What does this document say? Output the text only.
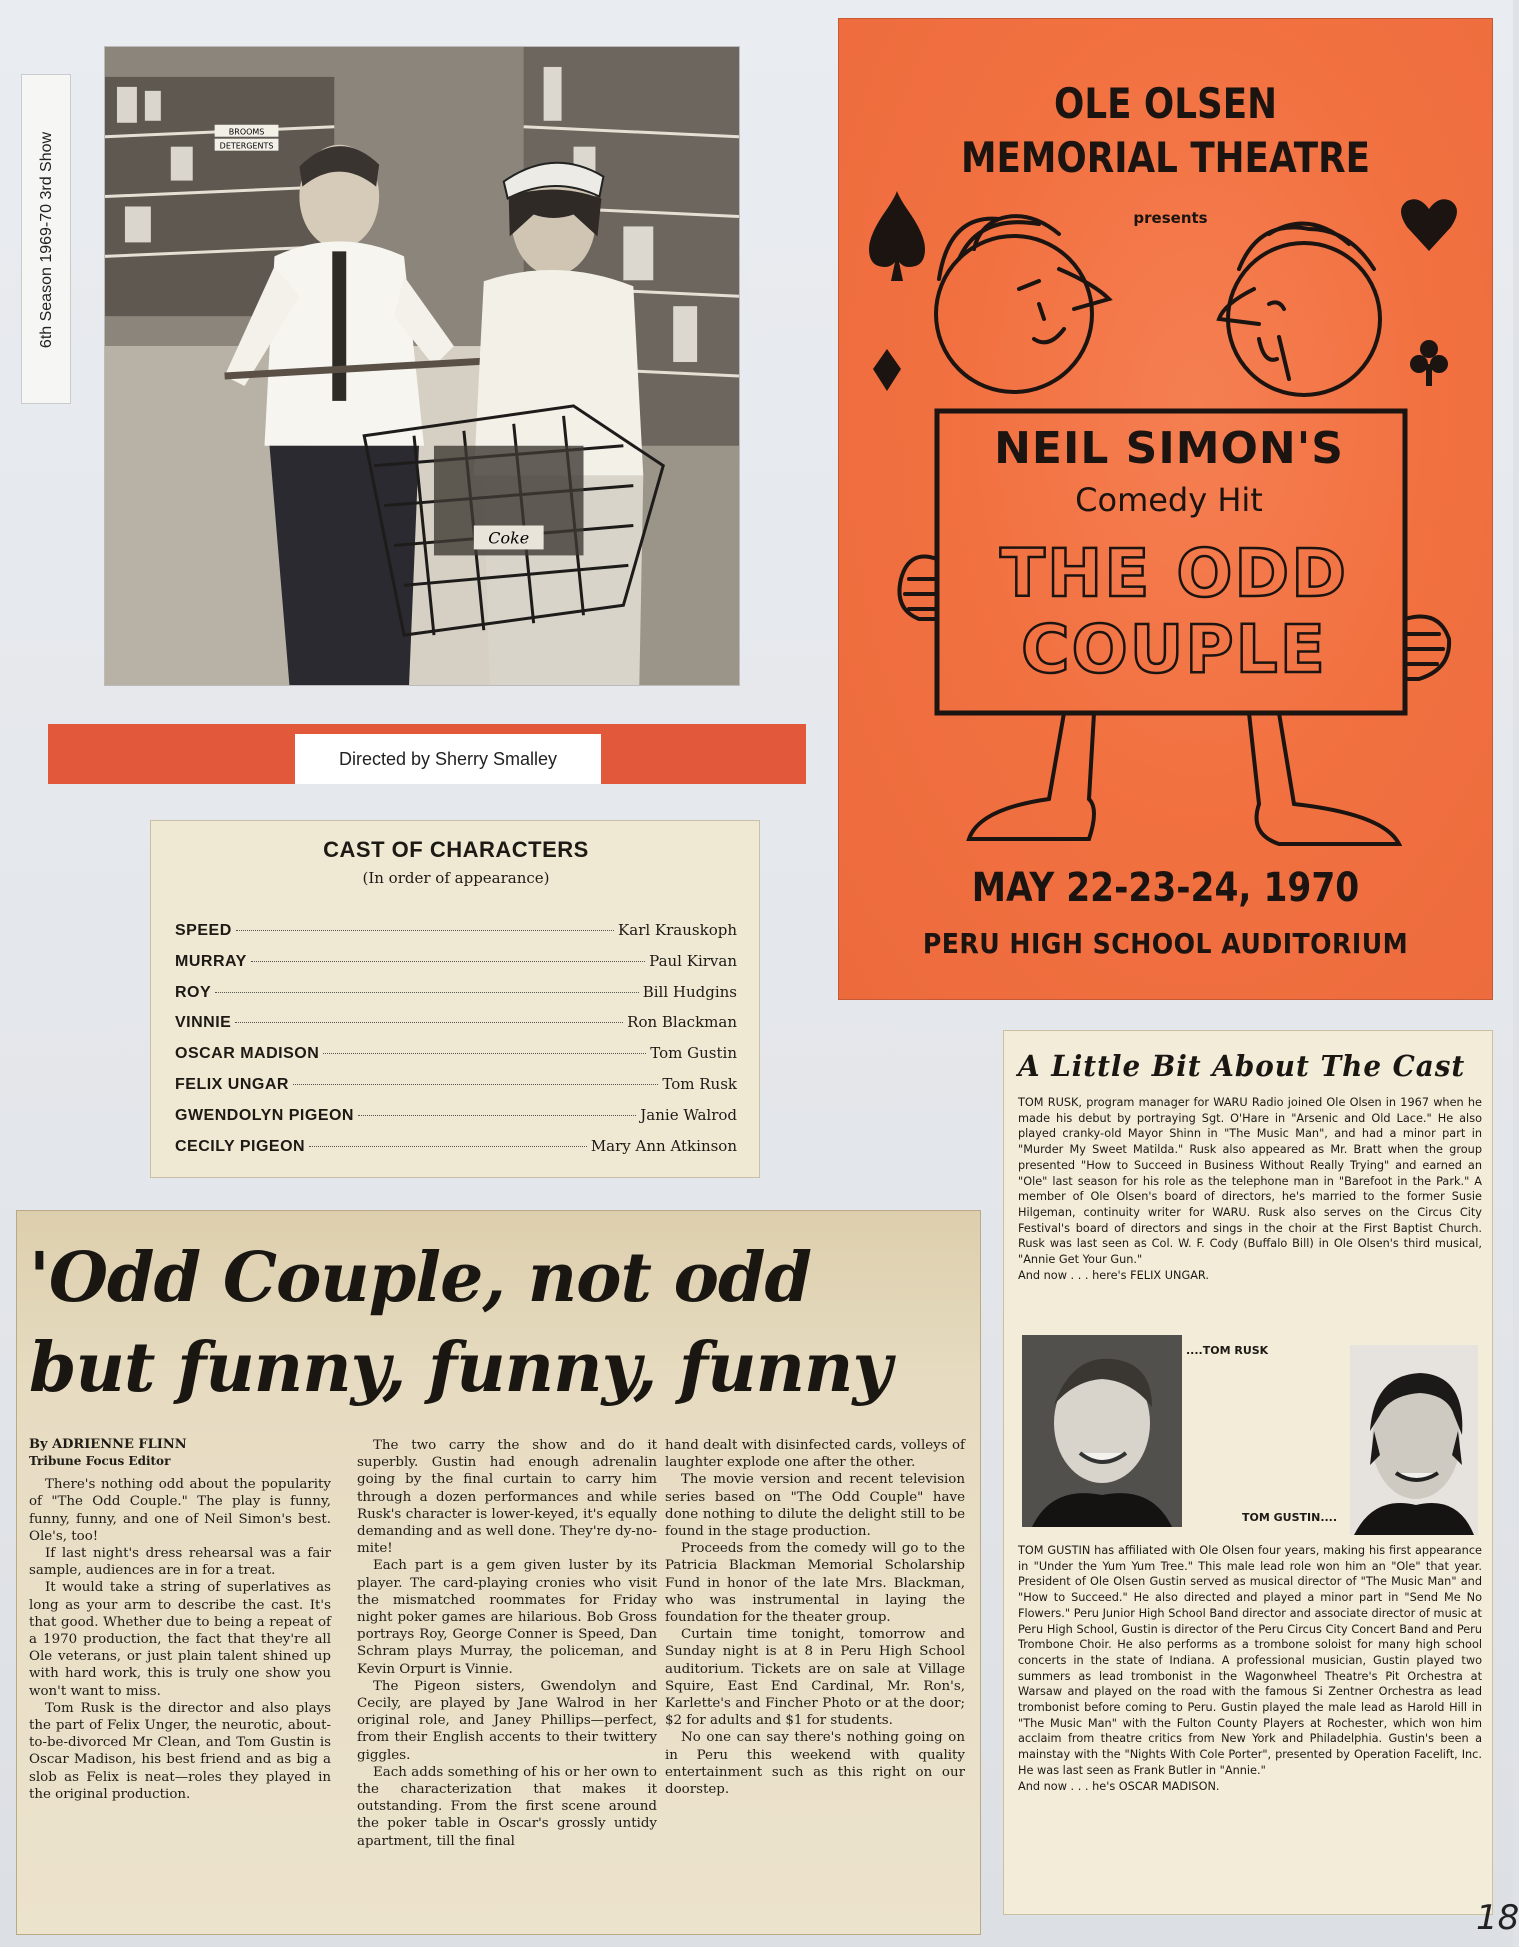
6th Season 1969-70 3rd Show	BROOMS
DETERGENTS
Coke
Directed by Sherry Smalley
CAST OF CHARACTERS
(In order of appearance)
SPEED	Karl Krauskoph
MURRAY	Paul Kirvan
ROY	Bill Hudgins
VINNIE	Ron Blackman
OSCAR MADISON	Tom Gustin
FELIX UNGAR	Tom Rusk
GWENDOLYN PIGEON	Janie Walrod
CECILY PIGEON	Mary Ann Atkinson
OLE OLSEN
MEMORIAL THEATRE
presents
NEIL SIMON'S
Comedy Hit
THE ODD
COUPLE
MAY 22-23-24, 1970
PERU HIGH SCHOOL AUDITORIUM
'Odd Couple, not odd
but funny, funny, funny

By ADRIENNE FLINN

Tribune Focus Editor

There's nothing odd about the popularity of "The Odd Couple." The play is funny, funny, funny, and one of Neil Simon's best. Ole's, too!

If last night's dress rehearsal was a fair sample, audiences are in for a treat.

It would take a string of superlatives as long as your arm to describe the cast. It's that good. Whether due to being a repeat of a 1970 production, the fact that they're all Ole veterans, or just plain talent shined up with hard work, this is truly one show you won't want to miss.

Tom Rusk is the director and also plays the part of Felix Unger, the neurotic, about-to-be-divorced Mr Clean, and Tom Gustin is Oscar Madison, his best friend and as big a slob as Felix is neat—roles they played in the original production.

The two carry the show and do it superbly. Gustin had enough adrenalin going by the final curtain to carry him through a dozen performances and while Rusk's character is lower-keyed, it's equally demanding and as well done. They're dy-no-mite!

Each part is a gem given luster by its player. The card-playing cronies who visit the mismatched roommates for Friday night poker games are hilarious. Bob Gross portrays Roy, George Conner is Speed, Dan Schram plays Murray, the policeman, and Kevin Orpurt is Vinnie.

The Pigeon sisters, Gwendolyn and Cecily, are played by Jane Walrod in her original role, and Janey Phillips—perfect, from their English accents to their twittery giggles.

Each adds something of his or her own to the characterization that makes it outstanding. From the first scene around the poker table in Oscar's grossly untidy apartment, till the final

hand dealt with disinfected cards, volleys of laughter explode one after the other.

The movie version and recent television series based on "The Odd Couple" have done nothing to dilute the delight still to be found in the stage production.

Proceeds from the comedy will go to the Patricia Blackman Memorial Scholarship Fund in honor of the late Mrs. Blackman, who was instrumental in laying the foundation for the theater group.

Curtain time tonight, tomorrow and Sunday night is at 8 in Peru High School auditorium. Tickets are on sale at Village Squire, East End Cardinal, Mr. Ron's, Karlette's and Fincher Photo or at the door; $2 for adults and $1 for students.

No one can say there's nothing going on in Peru this weekend with quality entertainment such as this right on our doorstep.

A Little Bit About The Cast
TOM RUSK, program manager for WARU Radio joined Ole Olsen in 1967 when he made his debut by portraying Sgt. O'Hare in "Arsenic and Old Lace." He also played cranky-old Mayor Shinn in "The Music Man", and had a minor part in "Murder My Sweet Matilda." Rusk also appeared as Mr. Bratt when the group presented "How to Succeed in Business Without Really Trying" and earned an "Ole" last season for his role as the telephone man in "Barefoot in the Park." A member of Ole Olsen's board of directors, he's married to the former Susie Hilgeman, continuity writer for WARU. Rusk also serves on the Circus City Festival's board of directors and sings in the choir at the First Baptist Church. Rusk was last seen as Col. W. F. Cody (Buffalo Bill) in Ole Olsen's third musical, "Annie Get Your Gun."
And now . . . here's FELIX UNGAR.
....TOM RUSK
TOM GUSTIN....
TOM GUSTIN has affiliated with Ole Olsen four years, making his first appearance in "Under the Yum Yum Tree." This male lead role won him an "Ole" that year. President of Ole Olsen Gustin served as musical director of "The Music Man" and "How to Succeed." He also directed and played a minor part in "Send Me No Flowers." Peru Junior High School Band director and associate director of music at Peru High School, Gustin is director of the Peru Circus City Concert Band and Peru Trombone Choir. He also performs as a trombone soloist for many high school concerts in the state of Indiana. A professional musician, Gustin played two summers as lead trombonist in the Wagonwheel Theatre's Pit Orchestra at Warsaw and played on the road with the famous Si Zentner Orchestra as lead trombonist before coming to Peru. Gustin played the male lead as Harold Hill in "The Music Man" with the Fulton County Players at Rochester, which won him acclaim from theatre critics from New York and Philadelphia. Gustin's been a mainstay with the "Nights With Cole Porter", presented by Operation Facelift, Inc. He was last seen as Frank Butler in "Annie."
And now . . . he's OSCAR MADISON.
18
